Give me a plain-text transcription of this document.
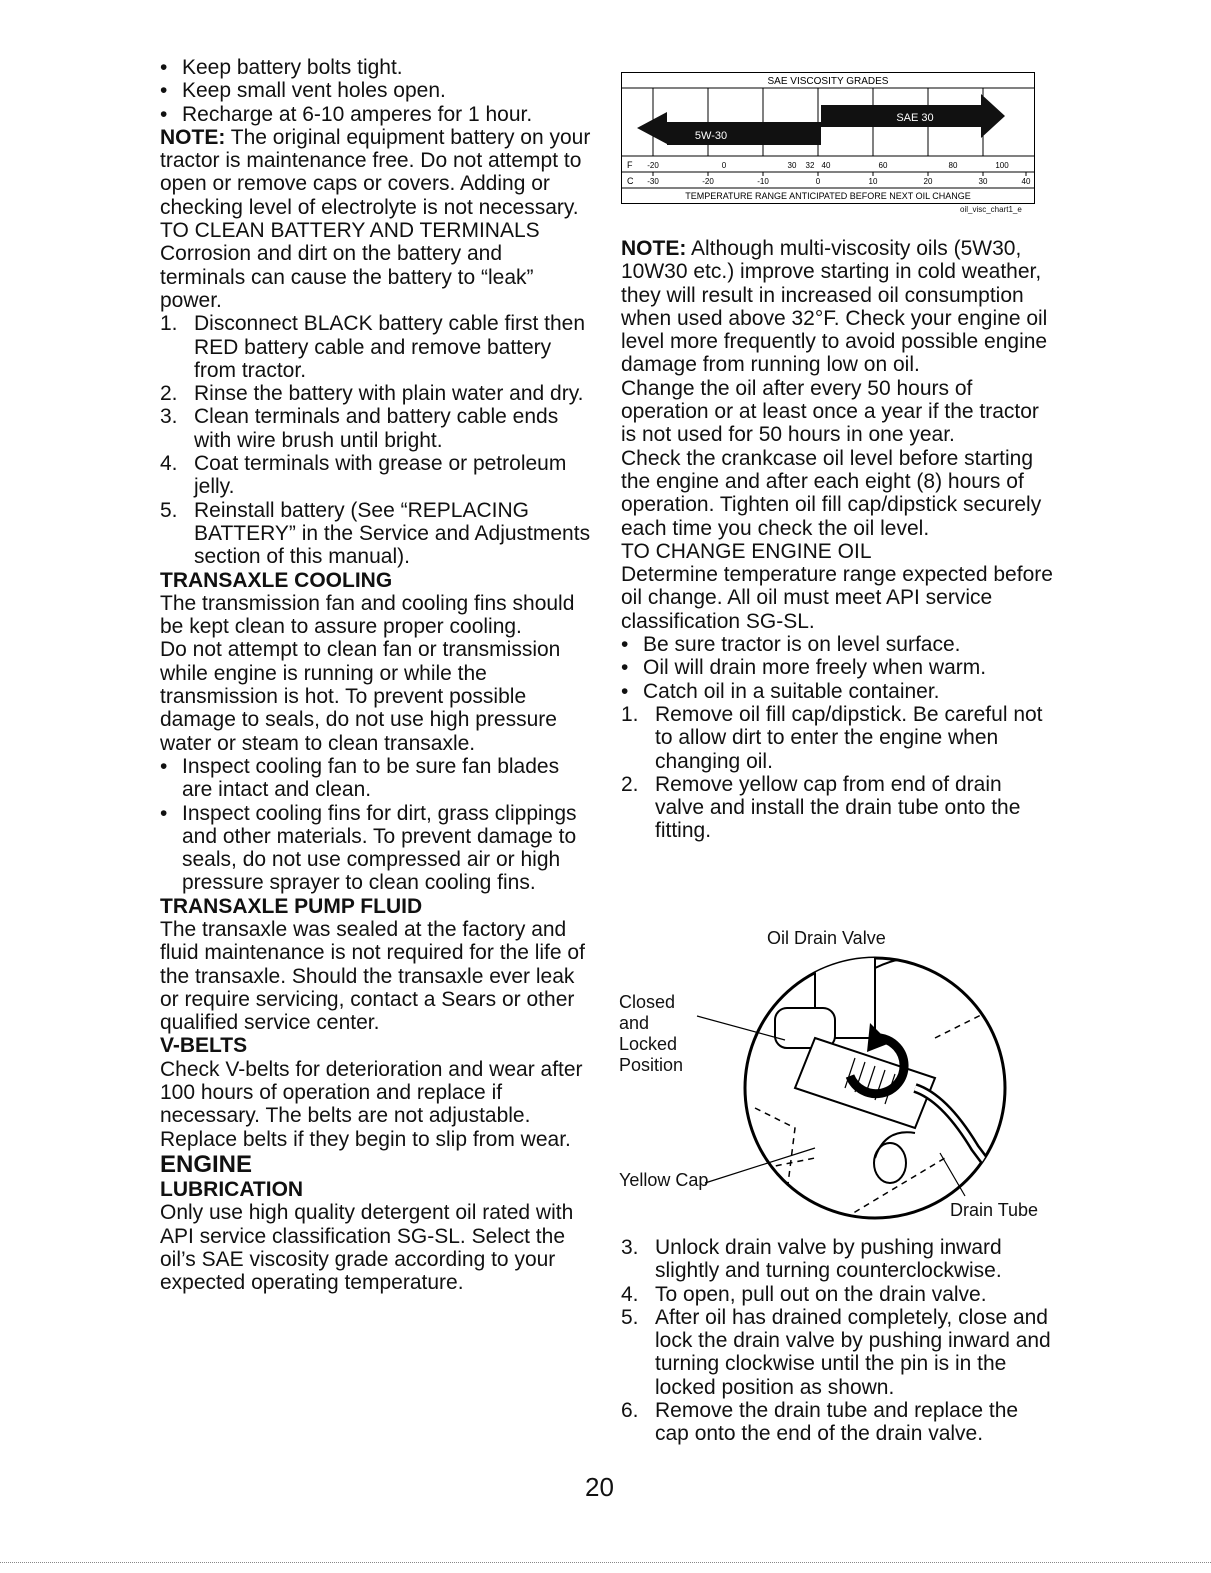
• Keep battery bolts tight.

• Keep small vent holes open.

• Recharge at 6-10 amperes for 1 hour.

NOTE: The original equipment battery on your tractor is maintenance free. Do not attempt to open or remove caps or covers. Adding or checking level of electrolyte is not necessary.

TO CLEAN BATTERY AND TERMINALS

Corrosion and dirt on the battery and terminals can cause the battery to “leak” power.

1. Disconnect BLACK battery cable first then RED battery cable and remove battery from tractor.
2. Rinse the battery with plain water and dry.
3. Clean terminals and battery cable ends with wire brush until bright.
4. Coat terminals with grease or petroleum jelly.
5. Reinstall battery (See “REPLACING BATTERY” in the Service and Adjustments section of this manual).

TRANSAXLE COOLING

The transmission fan and cooling fins should be kept clean to assure proper cooling.

Do not attempt to clean fan or transmission while engine is running or while the transmission is hot. To prevent possible damage to seals, do not use high pressure water or steam to clean transaxle.

• Inspect cooling fan to be sure fan blades are intact and clean.

• Inspect cooling fins for dirt, grass clippings and other materials. To prevent damage to seals, do not use compressed air or high pressure sprayer to clean cooling fins.

TRANSAXLE PUMP FLUID

The transaxle was sealed at the factory and fluid maintenance is not required for the life of the transaxle. Should the transaxle ever leak or require servicing, contact a Sears or other qualified service center.

V-BELTS

Check V-belts for deterioration and wear after 100 hours of operation and replace if necessary. The belts are not adjustable. Replace belts if they begin to slip from wear.

ENGINE

LUBRICATION

Only use high quality detergent oil rated with API service classification SG-SL. Select the oil’s SAE viscosity grade according to your expected operating temperature.

SAE VISCOSITY GRADES
5W-30
SAE 30
F -20	0	30 32 40	60	80	100
C -30	-20	-10	0	10	20	30	40
TEMPERATURE RANGE ANTICIPATED BEFORE NEXT OIL CHANGE
oil_visc_chart1_e

NOTE: Although multi-viscosity oils (5W30, 10W30 etc.) improve starting in cold weather, they will result in increased oil consumption when used above 32°F. Check your engine oil level more frequently to avoid possible engine damage from running low on oil.

Change the oil after every 50 hours of operation or at least once a year if the tractor is not used for 50 hours in one year.

Check the crankcase oil level before starting the engine and after each eight (8) hours of operation. Tighten oil fill cap/dipstick securely each time you check the oil level.

TO CHANGE ENGINE OIL

Determine temperature range expected before oil change. All oil must meet API service classification SG-SL.

• Be sure tractor is on level surface.

• Oil will drain more freely when warm.

• Catch oil in a suitable container.

1. Remove oil fill cap/dipstick. Be careful not to allow dirt to enter the engine when changing oil.
2. Remove yellow cap from end of drain valve and install the drain tube onto the fitting.
Oil Drain Valve
Closed and Locked Position
Yellow Cap
Drain Tube
3. Unlock drain valve by pushing inward slightly and turning counterclockwise.
4. To open, pull out on the drain valve.
5. After oil has drained completely, close and lock the drain valve by pushing inward and turning clockwise until the pin is in the locked position as shown.
6. Remove the drain tube and replace the cap onto the end of the drain valve.
20
